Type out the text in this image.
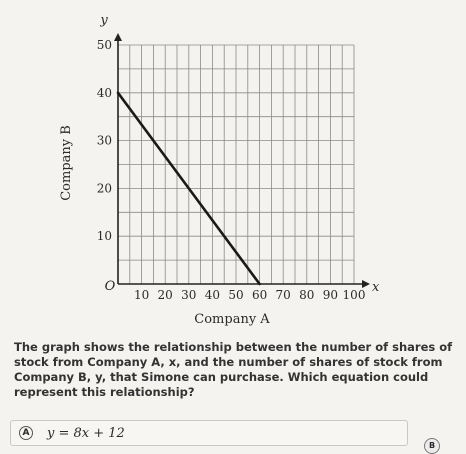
10 20 30 40 50 60 70 80 90 100
10
20
30
40
50
y
x
O
Company A
Company B
The graph shows the relationship between the number of shares of stock from Company A, x, and the number of shares of stock from Company B, y, that Simone can purchase. Which equation could represent this relationship?
A y = 8x + 12
B
